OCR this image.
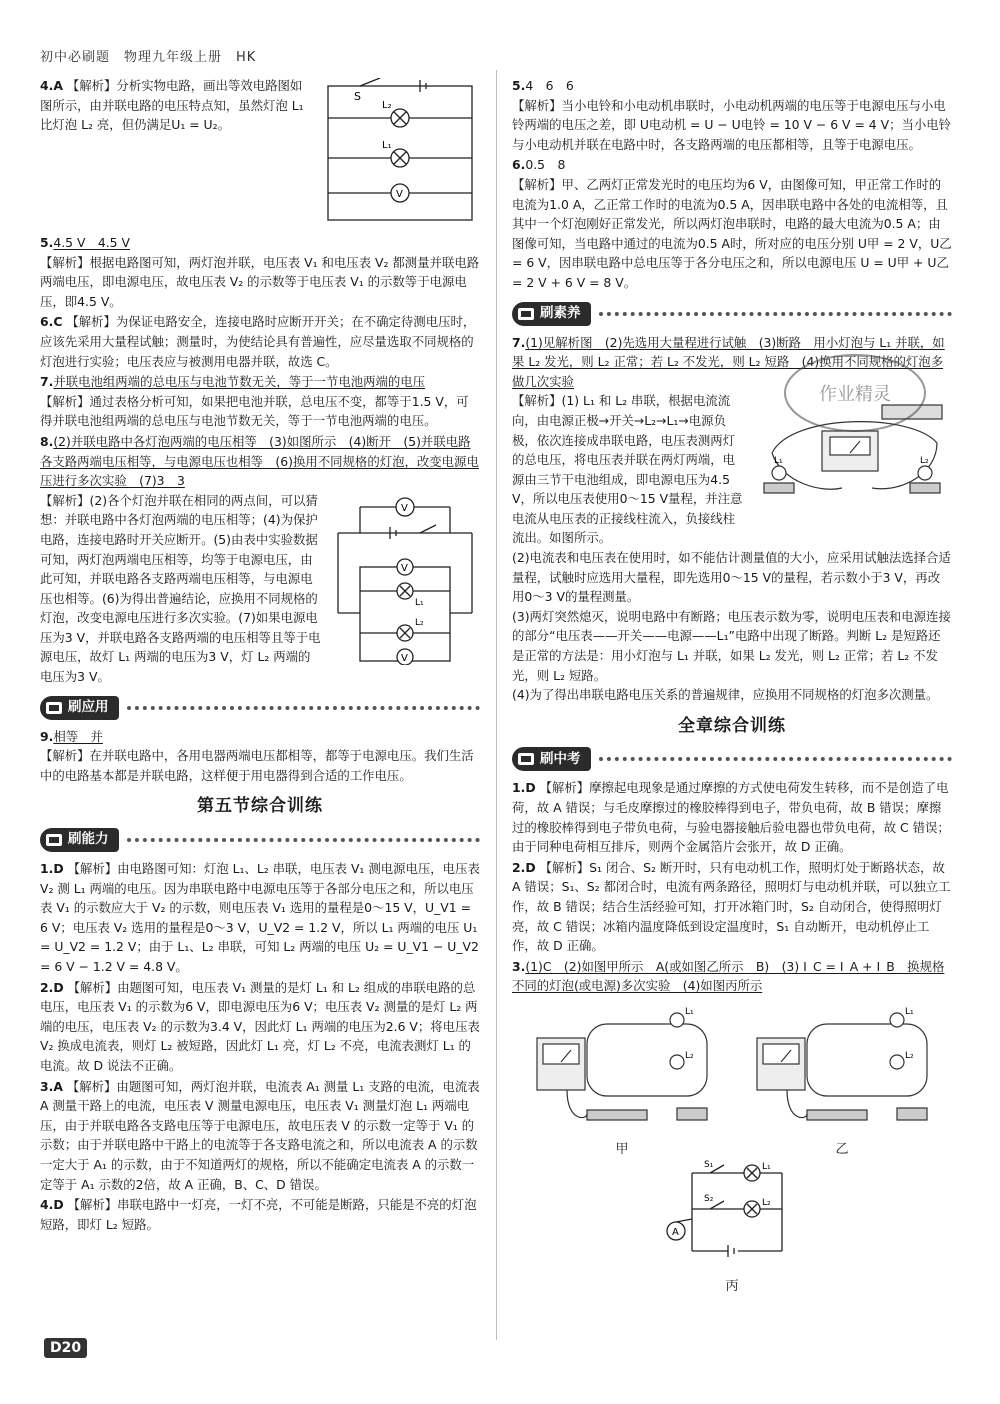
初中必刷题　物理九年级上册　HK
S
L₂
L₁
V
4.A 【解析】分析实物电路，画出等效电路图如图所示，由并联电路的电压特点知，虽然灯泡 L₁ 比灯泡 L₂ 亮，但仍满足U₁ = U₂。
5.4.5 V　4.5 V
【解析】根据电路图可知，两灯泡并联，电压表 V₁ 和电压表 V₂ 都测量并联电路两端电压，即电源电压，故电压表 V₂ 的示数等于电压表 V₁ 的示数等于电源电压，即4.5 V。
6.C 【解析】为保证电路安全，连接电路时应断开开关；在不确定待测电压时，应该先采用大量程试触；测量时，为使结论具有普遍性，应尽量选取不同规格的灯泡进行实验；电压表应与被测用电器并联，故选 C。
7.并联电池组两端的总电压与电池节数无关，等于一节电池两端的电压
【解析】通过表格分析可知，如果把电池并联，总电压不变，都等于1.5 V，可得并联电池组两端的总电压与电池节数无关，等于一节电池两端的电压。
8.(2)并联电路中各灯泡两端的电压相等　(3)如图所示　(4)断开　(5)并联电路各支路两端电压相等，与电源电压也相等　(6)换用不同规格的灯泡，改变电源电压进行多次实验　(7)3　3

V
V
L₁
L₂
V
【解析】(2)各个灯泡并联在相同的两点间，可以猜想：并联电路中各灯泡两端的电压相等；(4)为保护电路，连接电路时开关应断开。(5)由表中实验数据可知，两灯泡两端电压相等，均等于电源电压，由此可知，并联电路各支路两端电压相等，与电源电压也相等。(6)为得出普遍结论，应换用不同规格的灯泡，改变电源电压进行多次实验。(7)如果电源电压为3 V，并联电路各支路两端的电压相等且等于电源电压，故灯 L₁ 两端的电压为3 V，灯 L₂ 两端的电压为3 V。
刷应用
9.相等　并
【解析】在并联电路中，各用电器两端电压都相等，都等于电源电压。我们生活中的电路基本都是并联电路，这样便于用电器得到合适的工作电压。
第五节综合训练
刷能力
1.D 【解析】由电路图可知：灯泡 L₁、L₂ 串联，电压表 V₁ 测电源电压，电压表 V₂ 测 L₁ 两端的电压。因为串联电路中电源电压等于各部分电压之和，所以电压表 V₁ 的示数应大于 V₂ 的示数，则电压表 V₁ 选用的量程是0～15 V，U_V1 = 6 V；电压表 V₂ 选用的量程是0～3 V，U_V2 = 1.2 V，所以 L₁ 两端的电压 U₁ = U_V2 = 1.2 V；由于 L₁、L₂ 串联，可知 L₂ 两端的电压 U₂ = U_V1 − U_V2 = 6 V − 1.2 V = 4.8 V。
2.D 【解析】由题图可知，电压表 V₁ 测量的是灯 L₁ 和 L₂ 组成的串联电路的总电压，电压表 V₁ 的示数为6 V，即电源电压为6 V；电压表 V₂ 测量的是灯 L₂ 两端的电压，电压表 V₂ 的示数为3.4 V，因此灯 L₁ 两端的电压为2.6 V；将电压表 V₂ 换成电流表，则灯 L₂ 被短路，因此灯 L₁ 亮，灯 L₂ 不亮，电流表测灯 L₁ 的电流。故 D 说法不正确。
3.A 【解析】由题图可知，两灯泡并联，电流表 A₁ 测量 L₁ 支路的电流，电流表 A 测量干路上的电流，电压表 V 测量电源电压，电压表 V₁ 测量灯泡 L₁ 两端电压，由于并联电路各支路电压等于电源电压，故电压表 V 的示数一定等于 V₁ 的示数；由于并联电路中干路上的电流等于各支路电流之和，所以电流表 A 的示数一定大于 A₁ 的示数，由于不知道两灯的规格，所以不能确定电流表 A 的示数一定等于 A₁ 示数的2倍，故 A 正确，B、C、D 错误。
4.D 【解析】串联电路中一灯亮，一灯不亮，不可能是断路，只能是不亮的灯泡短路，即灯 L₂ 短路。
5.4　6　6
【解析】当小电铃和小电动机串联时，小电动机两端的电压等于电源电压与小电铃两端的电压之差，即 U电动机 = U − U电铃 = 10 V − 6 V = 4 V；当小电铃与小电动机并联在电路中时，各支路两端的电压都相等，且等于电源电压。
6.0.5　8
【解析】甲、乙两灯正常发光时的电压均为6 V，由图像可知，甲正常工作时的电流为1.0 A，乙正常工作时的电流为0.5 A，因串联电路中各处的电流相等，且其中一个灯泡刚好正常发光，所以两灯泡串联时，电路的最大电流为0.5 A；由图像可知，当电路中通过的电流为0.5 A时，所对应的电压分别 U甲 = 2 V，U乙 = 6 V，因串联电路中总电压等于各分电压之和，所以电源电压 U = U甲 + U乙 = 2 V + 6 V = 8 V。
刷素养
7.(1)见解析图　(2)先选用大量程进行试触　(3)断路　用小灯泡与 L₁ 并联，如果 L₂ 发光，则 L₂ 正常；若 L₂ 不发光，则 L₂ 短路　(4)换用不同规格的灯泡多做几次实验

L₁	L₂
【解析】(1) L₁ 和 L₂ 串联，根据电流流向，由电源正极→开关→L₂→L₁→电源负极，依次连接成串联电路，电压表测两灯的总电压，将电压表并联在两灯两端，电源由三节干电池组成，即电源电压为4.5 V，所以电压表使用0～15 V量程，并注意电流从电压表的正接线柱流入，负接线柱流出。如图所示。
(2)电流表和电压表在使用时，如不能估计测量值的大小，应采用试触法选择合适量程，试触时应选用大量程，即先选用0～15 V的量程，若示数小于3 V，再改用0～3 V的量程测量。
(3)两灯突然熄灭，说明电路中有断路；电压表示数为零，说明电压表和电源连接的部分“电压表——开关——电源——L₁”电路中出现了断路。判断 L₂ 是短路还是正常的方法是：用小灯泡与 L₁ 并联，如果 L₂ 发光，则 L₂ 正常；若 L₂ 不发光，则 L₂ 短路。
(4)为了得出串联电路电压关系的普遍规律，应换用不同规格的灯泡多次测量。
全章综合训练
刷中考
1.D 【解析】摩擦起电现象是通过摩擦的方式使电荷发生转移，而不是创造了电荷，故 A 错误；与毛皮摩擦过的橡胶棒得到电子，带负电荷，故 B 错误；摩擦过的橡胶棒得到电子带负电荷，与验电器接触后验电器也带负电荷，故 C 错误；由于同种电荷相互排斥，则两个金属箔片会张开，故 D 正确。
2.D 【解析】S₁ 闭合、S₂ 断开时，只有电动机工作，照明灯处于断路状态，故 A 错误；S₁、S₂ 都闭合时，电流有两条路径，照明灯与电动机并联，可以独立工作，故 B 错误；结合生活经验可知，打开冰箱门时，S₂ 自动闭合，使得照明灯亮，故 C 错误；冰箱内温度降低到设定温度时，S₁ 自动断开，电动机停止工作，故 D 正确。
3.(1)C　(2)如图甲所示　A(或如图乙所示　B)　(3) I_C = I_A + I_B　换规格不同的灯泡(或电源)多次实验　(4)如图丙所示
L₁
L₂
甲
L₁
L₂
乙
S₁
S₂
L₁
L₂
A
丙
作业精灵
D20
